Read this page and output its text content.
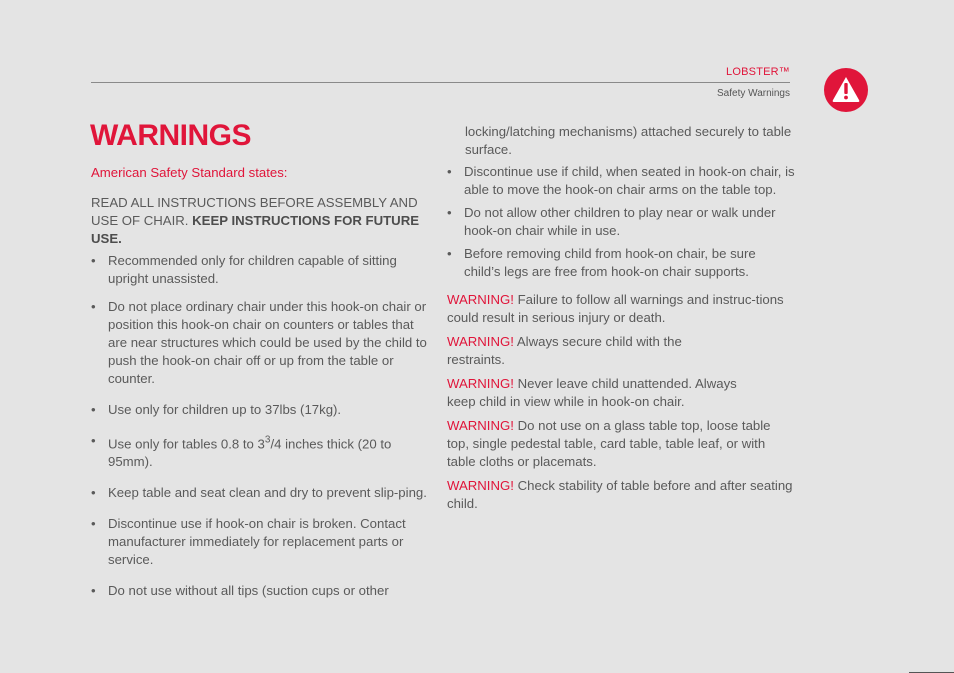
LOBSTER™
Safety Warnings
WARNINGS

American Safety Standard states:

READ ALL INSTRUCTIONS BEFORE ASSEMBLY AND USE OF CHAIR. KEEP INSTRUCTIONS FOR FUTURE USE.

• Recommended only for children capable of sitting upright unassisted.
• Do not place ordinary chair under this hook-on chair or position this hook-on chair on counters or tables that are near structures which could be used by the child to push the hook-on chair off or up from the table or counter.
• Use only for children up to 37lbs (17kg).
• Use only for tables 0.8 to $3^3/4$ inches thick (20 to 95mm).
• Keep table and seat clean and dry to prevent slip-ping.
• Discontinue use if hook-on chair is broken. Contact manufacturer immediately for replacement parts or service.
• Do not use without all tips (suction cups or other

locking/latching mechanisms) attached securely to table surface.

• Discontinue use if child, when seated in hook-on chair, is able to move the hook-on chair arms on the table top.
• Do not allow other children to play near or walk under hook-on chair while in use.
• Before removing child from hook-on chair, be sure child’s legs are free from hook-on chair supports.

WARNING! Failure to follow all warnings and instruc-tions could result in serious injury or death.

WARNING! Always secure child with the restraints.

WARNING! Never leave child unattended. Always keep child in view while in hook-on chair.

WARNING! Do not use on a glass table top, loose table top, single pedestal table, card table, table leaf, or with table cloths or placemats.

WARNING! Check stability of table before and after seating child.
